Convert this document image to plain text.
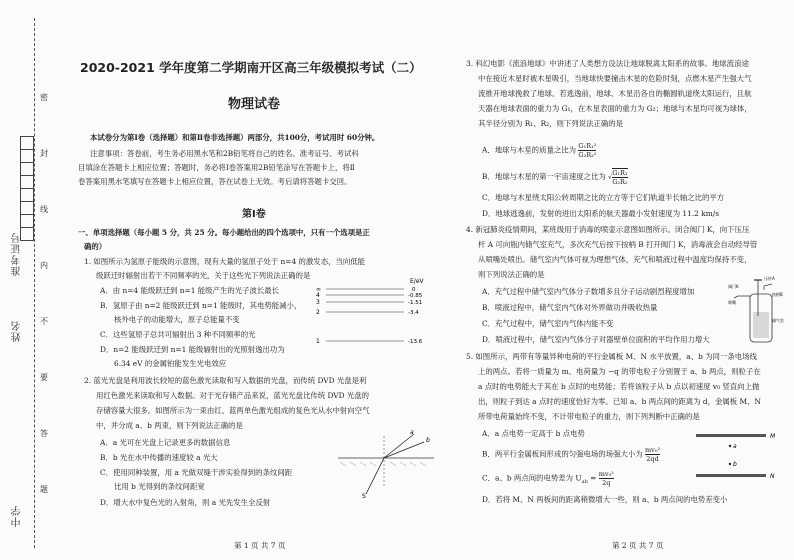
中学
姓名
准考证号
密
封
线
内
不
要
答
题
2020-2021 学年度第二学期南开区高三年级模拟考试（二）
物理试卷
本试卷分为第Ⅰ卷（选择题）和第Ⅱ卷非选择题）两部分，共100分，考试用时 60分钟。
注意事项：答卷前，考生务必用黑水笔和2B铅笔将自己的姓名、准考证号、考试科
目填涂在答题卡上相应位置；答题时，务必将Ⅰ卷答案用2B铅笔涂写在答题卡上，将Ⅱ
卷答案用黑水笔填写在答题卡上相应位置，答在试卷上无效。考后请将答题卡交回。
第Ⅰ卷
一、单项选择题（每小题 5 分，共 25 分。每小题给出的四个选项中，只有一个选项是正
确的）
1. 如图所示为氢原子能级的示意图，现有大量的氢原子处于 n=4 的激发态，当向低能
级跃迁时辐射出若干不同频率的光，关于这些光下列说法正确的是
A．由 n=4 能级跃迁到 n=1 能级产生的光子波长最长
B．氢原子由 n=2 能级跃迁到 n=1 能级时，其电势能减小，
核外电子的动能增大，原子总能量不变
C．这些氢原子总共可辐射出 3 种不同频率的光
D．n=2 能级跃迁到 n=1 能级辐射出的光照射逸出功为
6.34 eV 的金属铂能发生光电效应
E/eV
∞	0
4	-0.85
3	-1.51
2	-3.4
1	-13.6
2. 蓝光光盘是利用波长较短的蓝色激光读取和写入数据的光盘，而传统 DVD 光盘是利
用红色激光来读取和写入数据。对于光存储产品来说，蓝光光盘比传统 DVD 光盘的
存储容量大很多。如图所示为一束由红、蓝两单色激光组成的复色光从水中射向空气
中，并分成 a、b 两束，则下列说法正确的是
A．a 光可在光盘上记录更多的数据信息
B．b 光在水中传播的速度较 a 光大
C．使用同种装置，用 a 光做双缝干涉实验得到的条纹间距
比用 b 光得到的条纹间距宽
D．增大水中复色光的入射角，则 a 光先发生全反射
a
b
S
第 1 页 共 7 页
3. 科幻电影《流浪地球》中讲述了人类想方设法让地球脱离太阳系的故事。地球流浪途
中在接近木星时被木星吸引，当地球快要撞击木星的危险时刻，点燃木星产生强大气
流推开地球挽救了地球。若逃逸前，地球、木星沿各自的椭圆轨道绕太阳运行，且航
天器在地球表面的重力为 G₁，在木星表面的重力为 G₂；地球与木星均可视为球体，
其半径分别为 R₁、R₂，则下列说法正确的是
A．地球与木星的质量之比为 $\frac{\text{G₁R₁²}}{\text{G₂R₂²}}$
B．地球与木星的第一宇宙速度之比为 √ $\frac{\text{G₁R₁}}{\text{G₂R₂}}$
C．地球与木星绕太阳公转周期之比的立方等于它们轨道半长轴之比的平方
D．地球逃逸前，发射的进出太阳系的航天器最小发射速度为 11.2 km/s
4. 新冠肺炎疫情期间，某班级用于消毒的喷壶示意图如图所示。闭合阀门 K，向下压压
杆 A 可向瓶内储气室充气，多次充气后按下按柄 B 打开阀门 K，消毒液会自动经导管
从喷嘴处喷出。储气室内气体可视为理想气体，充气和喷液过程中温度均保持不变，
则下列说法正确的是
A．充气过程中储气室内气体分子数增多且分子运动剧烈程度增加
B．喷液过程中，储气室内气体对外界做功并吸收热量
C．充气过程中，储气室内气体内能不变
D．喷液过程中，储气室内气体分子对器壁单位面积的平均作用力增大
压杆A
阀门K
喷嘴
按柄B
储气室
5. 如图所示，两带有等量异种电荷的平行金属板 M、N 水平放置，a、b 为同一条电场线
上的两点。若将一质量为 m、电荷量为 −q 的带电粒子分别置于 a、b 两点，则粒子在
a 点时的电势能大于其在 b 点时的电势能；若将该粒子从 b 点以初速度 v₀ 竖直向上抛
出，则粒子到达 a 点时的速度恰好为零。已知 a、b 两点间的距离为 d，金属板 M、N
所带电荷量始终不变，不计带电粒子的重力，则下列判断中正确的是
A．a 点电势一定高于 b 点电势
B．两平行金属板间形成的匀强电场的场强大小为 $\frac{\text{mv₀²}}{2qd}$
C．a、b 两点间的电势差为 $U_{ab} = \frac{\text{mv₀²}}{2q}$
D．若将 M、N 两板间的距离稍微增大一些，则 a、b 两点间的电势差变小
M
N
a
b
第 2 页 共 7 页
